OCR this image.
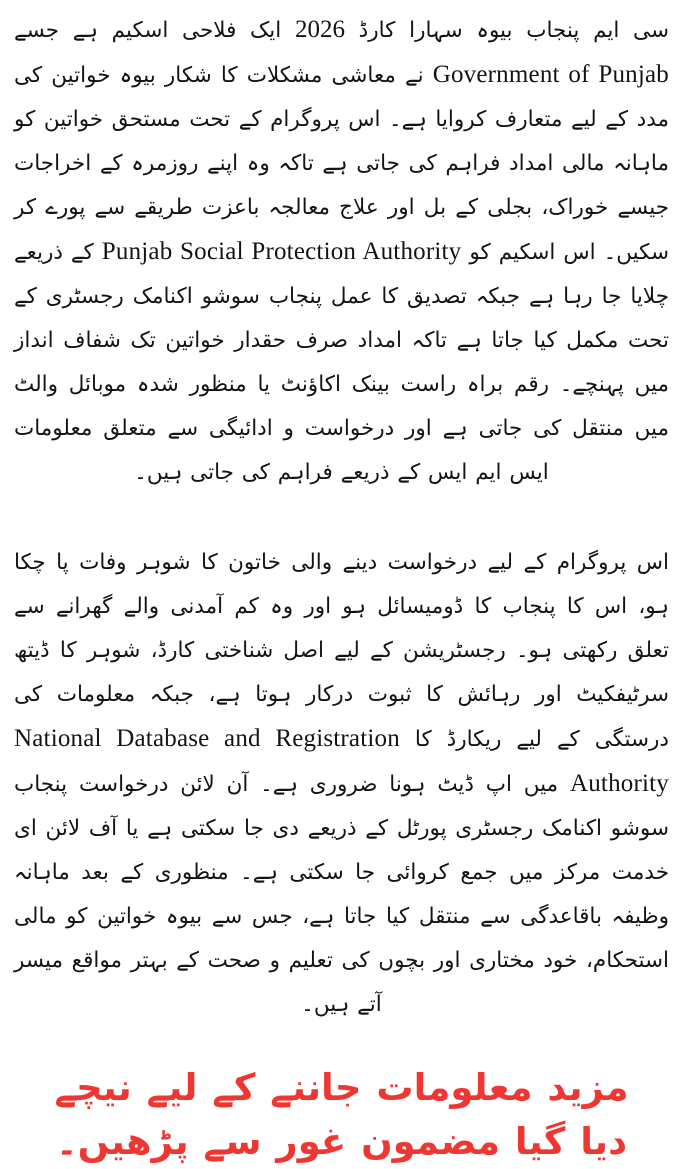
سی ایم پنجاب بیوہ سہارا کارڈ 2026 ایک فلاحی اسکیم ہے جسے Government of Punjab نے معاشی مشکلات کا شکار بیوہ خواتین کی مدد کے لیے متعارف کروایا ہے۔ اس پروگرام کے تحت مستحق خواتین کو ماہانہ مالی امداد فراہم کی جاتی ہے تاکہ وہ اپنے روزمرہ کے اخراجات جیسے خوراک، بجلی کے بل اور علاج معالجہ باعزت طریقے سے پورے کر سکیں۔ اس اسکیم کو Punjab Social Protection Authority کے ذریعے چلایا جا رہا ہے جبکہ تصدیق کا عمل پنجاب سوشو اکنامک رجسٹری کے تحت مکمل کیا جاتا ہے تاکہ امداد صرف حقدار خواتین تک شفاف انداز میں پہنچے۔ رقم براہ راست بینک اکاؤنٹ یا منظور شدہ موبائل والٹ میں منتقل کی جاتی ہے اور درخواست و ادائیگی سے متعلق معلومات ایس ایم ایس کے ذریعے فراہم کی جاتی ہیں۔

اس پروگرام کے لیے درخواست دینے والی خاتون کا شوہر وفات پا چکا ہو، اس کا پنجاب کا ڈومیسائل ہو اور وہ کم آمدنی والے گھرانے سے تعلق رکھتی ہو۔ رجسٹریشن کے لیے اصل شناختی کارڈ، شوہر کا ڈیتھ سرٹیفکیٹ اور رہائش کا ثبوت درکار ہوتا ہے، جبکہ معلومات کی درستگی کے لیے ریکارڈ کا National Database and Registration Authority میں اپ ڈیٹ ہونا ضروری ہے۔ آن لائن درخواست پنجاب سوشو اکنامک رجسٹری پورٹل کے ذریعے دی جا سکتی ہے یا آف لائن ای خدمت مرکز میں جمع کروائی جا سکتی ہے۔ منظوری کے بعد ماہانہ وظیفہ باقاعدگی سے منتقل کیا جاتا ہے، جس سے بیوہ خواتین کو مالی استحکام، خود مختاری اور بچوں کی تعلیم و صحت کے بہتر مواقع میسر آتے ہیں۔

مزید معلومات جاننے کے لیے نیچے
دیا گیا مضمون غور سے پڑھیں۔
